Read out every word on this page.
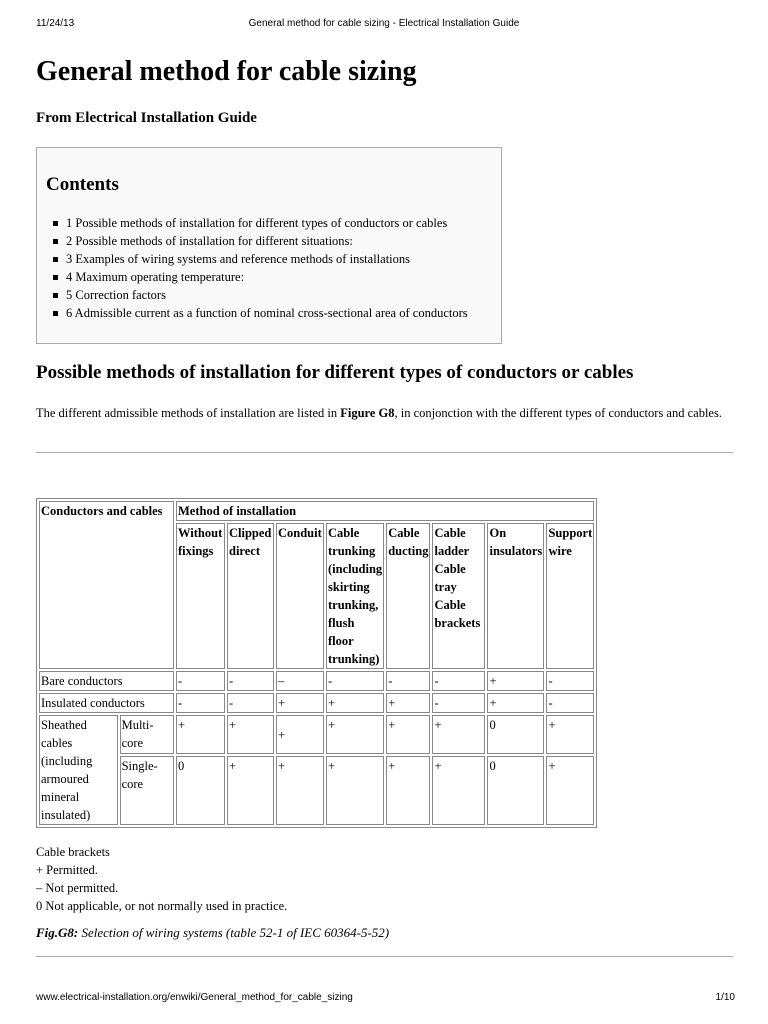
11/24/13	General method for cable sizing - Electrical Installation Guide
General method for cable sizing
From Electrical Installation Guide
Contents
1 Possible methods of installation for different types of conductors or cables
2 Possible methods of installation for different situations:
3 Examples of wiring systems and reference methods of installations
4 Maximum operating temperature:
5 Correction factors
6 Admissible current as a function of nominal cross-sectional area of conductors
Possible methods of installation for different types of conductors or cables
The different admissible methods of installation are listed in Figure G8, in conjonction with the different types of conductors and cables.
Conductors and cables		Method of installation							
		Without fixings	Clipped direct	Conduit	Cable trunking (including skirting trunking, flush floor trunking)	Cable ducting	Cable ladder Cable tray Cable brackets	On insulators	Support wire
Bare conductors		-	-	–	-	-	-	+	-
Insulated conductors		-	-	+	+	+	-	+	-
Sheathed cables (including armoured mineral insulated)	Multi-core	+	+	+	+	+	+	0	+
	Single-core	0	+	+	+	+	+	0	+
Cable brackets
+ Permitted.
– Not permitted.
0 Not applicable, or not normally used in practice.
Fig.G8: Selection of wiring systems (table 52-1 of IEC 60364-5-52)
www.electrical-installation.org/enwiki/General_method_for_cable_sizing	1/10
